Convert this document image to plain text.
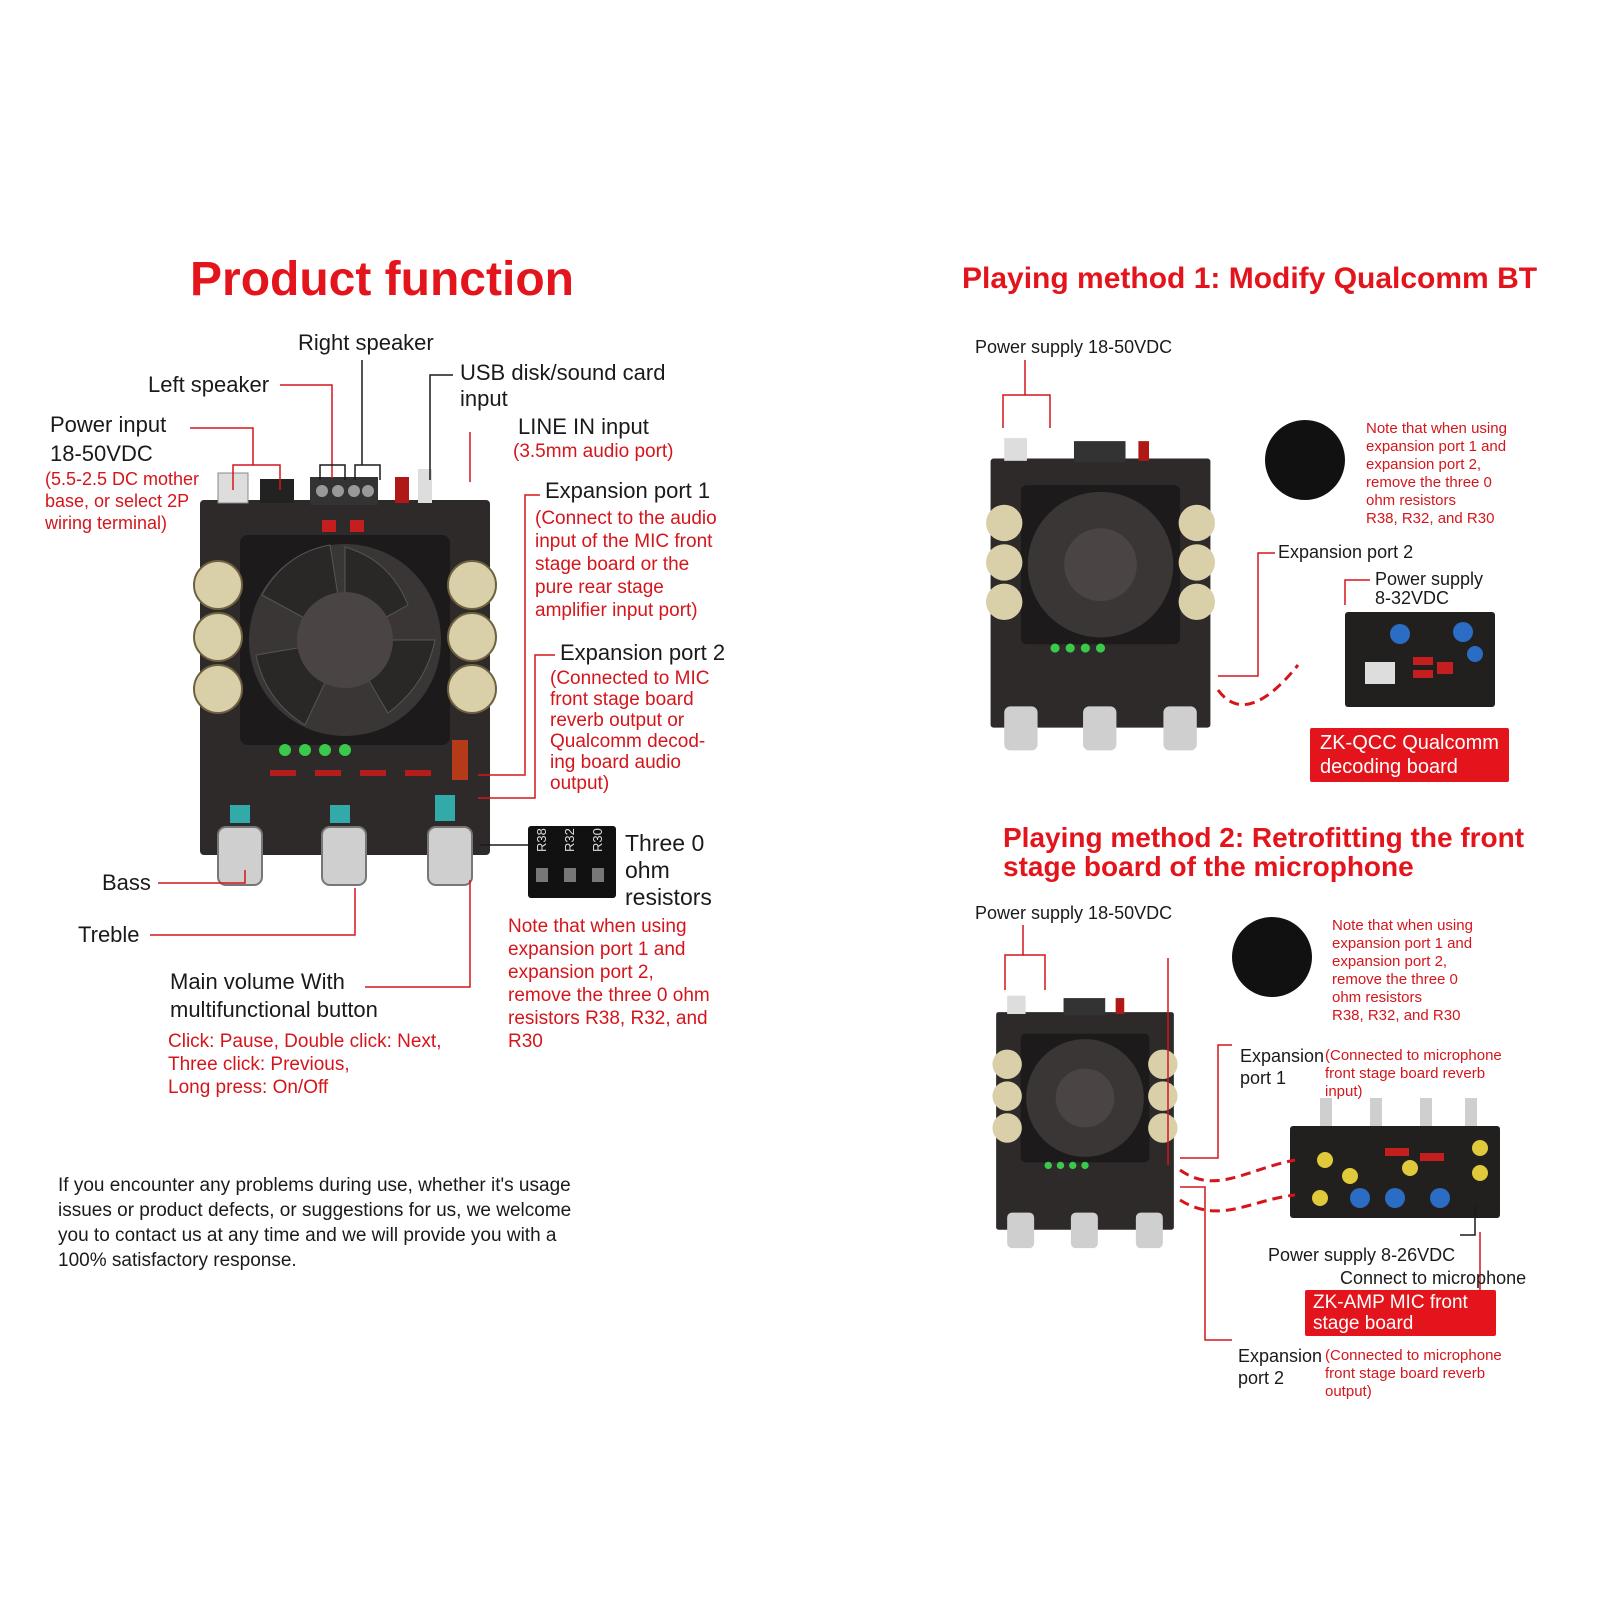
Product function
Right speaker
Left speaker	USB disk/sound card
input
Power input
18-50VDC
(5.5-2.5 DC mother
base, or select 2P
wiring terminal)
LINE IN input
(3.5mm audio port)
Expansion port 1
(Connect to the audio
input of the MIC front
stage board or the
pure rear stage
amplifier input port)
Expansion port 2
(Connected to MIC
front stage board
reverb output or
Qualcomm decod-
ing board audio
output)
R38 R32 R30 Three 0
ohm
resistors
Note that when using
expansion port 1 and
expansion port 2,
remove the three 0 ohm
resistors R38, R32, and
R30
Bass
Treble
Main volume With
multifunctional button
Click: Pause, Double click: Next,
Three click: Previous,
Long press: On/Off
If you encounter any problems during use, whether it's usage
issues or product defects, or suggestions for us, we welcome
you to contact us at any time and we will provide you with a
100% satisfactory response.
Playing method 1: Modify Qualcomm BT
Power supply 18-50VDC
Note that when using
expansion port 1 and
expansion port 2,
remove the three 0
ohm resistors
R38, R32, and R30
Expansion port 2
Power supply
8-32VDC
ZK-QCC Qualcomm
decoding board
Playing method 2: Retrofitting the front
stage board of the microphone
Power supply 18-50VDC
Note that when using
expansion port 1 and
expansion port 2,
remove the three 0
ohm resistors
R38, R32, and R30
Expansion
port 1
(Connected to microphone
front stage board reverb
input)
Power supply 8-26VDC
Connect to microphone
ZK-AMP MIC front
stage board
Expansion
port 2
(Connected to microphone
front stage board reverb
output)
